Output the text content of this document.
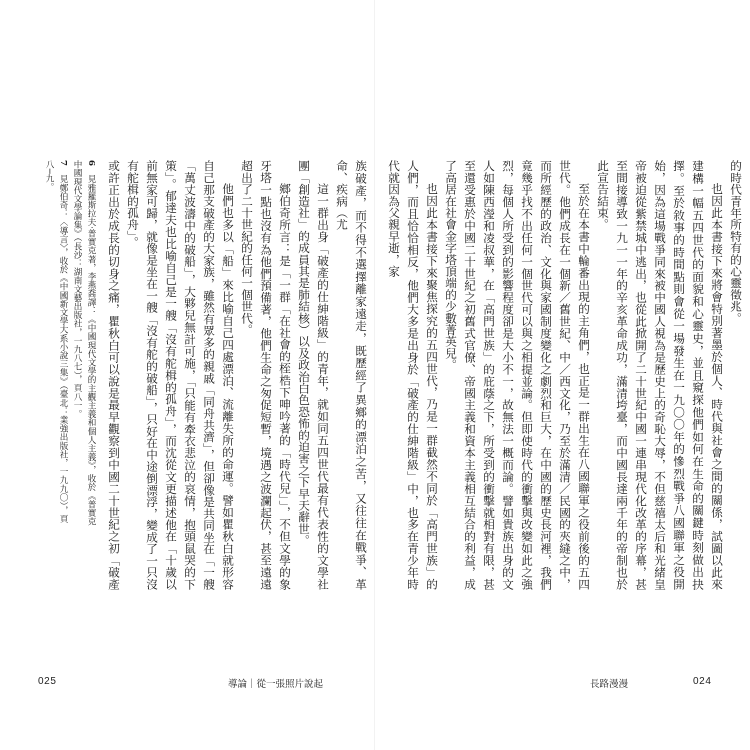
的時代青年所特有的心靈徵兆。

也因此本書接下來將會特別著墨於個人、時代與社會之間的關係，試圖以此來建構一幅五四世代的面貌和心靈史，並且窺探他們如何在生命的關鍵時刻做出抉擇。至於敘事的時間點則會從一場發生在一九〇〇年的慘烈戰爭八國聯軍之役開始，因為這場戰爭同來被中國人視為是歷史上的奇恥大辱，不但慈禧太后和光緒皇帝被迫從紫禁城中逃出，也從此掀開了二十世紀中國一連串現代化改革的序幕，甚至間接導致一九一一年的辛亥革命成功，滿清垮臺，而中國長達兩千年的帝制也於此宣告結束。

至於在本書中輪番出現的主角們，也正是一群出生在八國聯軍之役前後的五四世代。他們成長在一個新／舊世紀、中／西文化，乃至於滿清／民國的夾縫之中，而所經歷的政治、文化與家國制度變化之劇烈和巨大，在中國的歷史長河裡，我們竟幾乎找不出任何一個世代可以與之相提並論。但即使時代的衝擊與改變如此之強烈，每個人所受到的影響程度卻是大小不一，故無法一概而論。譬如貴族出身的文人如陳西瀅和凌叔華，在「高門世族」的庇蔭之下，所受到的衝擊就相對有限，甚至還受惠於中國二十世紀之初舊式官僚、帝國主義和資本主義相互結合的利益，成了高居在社會金字塔頂端的少數菁英兒。

也因此本書接下來聚焦探究的五四世代，乃是一群截然不同於「高門世族」的人們，而且恰恰相反，他們大多是出身於「破產的仕紳階級」中，也多在青少年時代就因為父親早逝，家

長路漫漫	024

族破產，而不得不選擇離家遠走，既歷經了異鄉的漂泊之苦，又往往在戰爭、革命、疾病（尤

這一群出身「破產的仕紳階級」的青年，就如同五四世代最有代表性的文學社團「創造社」的成員其是肺結核）以及政治白色恐怖的迫害之下早天辭世。

鄉伯奇所言：是「一群「在社會的桎梏下呻吟著的「時代兒」」，不但文學的象牙塔一點也沒有為他們預備著，他們生命之匆促短暫，境遇之波瀾起伏，甚至遠遠超出了二十世紀的任何一個世代。

他們也多以「船」來比喻自己四處漂泊、流離失所的命運。譬如瞿秋白就形容自己那支破產的大家族，雖然有眾多的親戚「同舟共濟」，但卻像是共同坐在「一艘「萬丈波濤中的破船」，大夥兒無計可施，「只能有牽衣悲泣的哀情，抱頭鼠哭的下策」。郁達夫也比喻自己是一艘「沒有舵楫的孤舟」，而沈從文更描述他在「十歲以前無家可歸，就像是坐在一艘「沒有舵的破船」，只好在中途倒漂浮，變成了一只沒有舵楫的孤舟」。

或許正出於成長的切身之痛，瞿秋白可以說是最早觀察到中國二十世紀之初「破產

6　見雅羅斯拉夫‧普實克著，李燕喬譯：《中國現代文學的主觀主義和個人主義》，收於《普實克中國現代文學論集》（長沙：湖南文藝出版社，一九八七），頁八一。

7　見鄭伯奇：〈導言〉，收於《中國新文學大系小說三集》（臺北：業強出版社，一九九〇），頁八─九。

025	導論｜從一張照片說起
